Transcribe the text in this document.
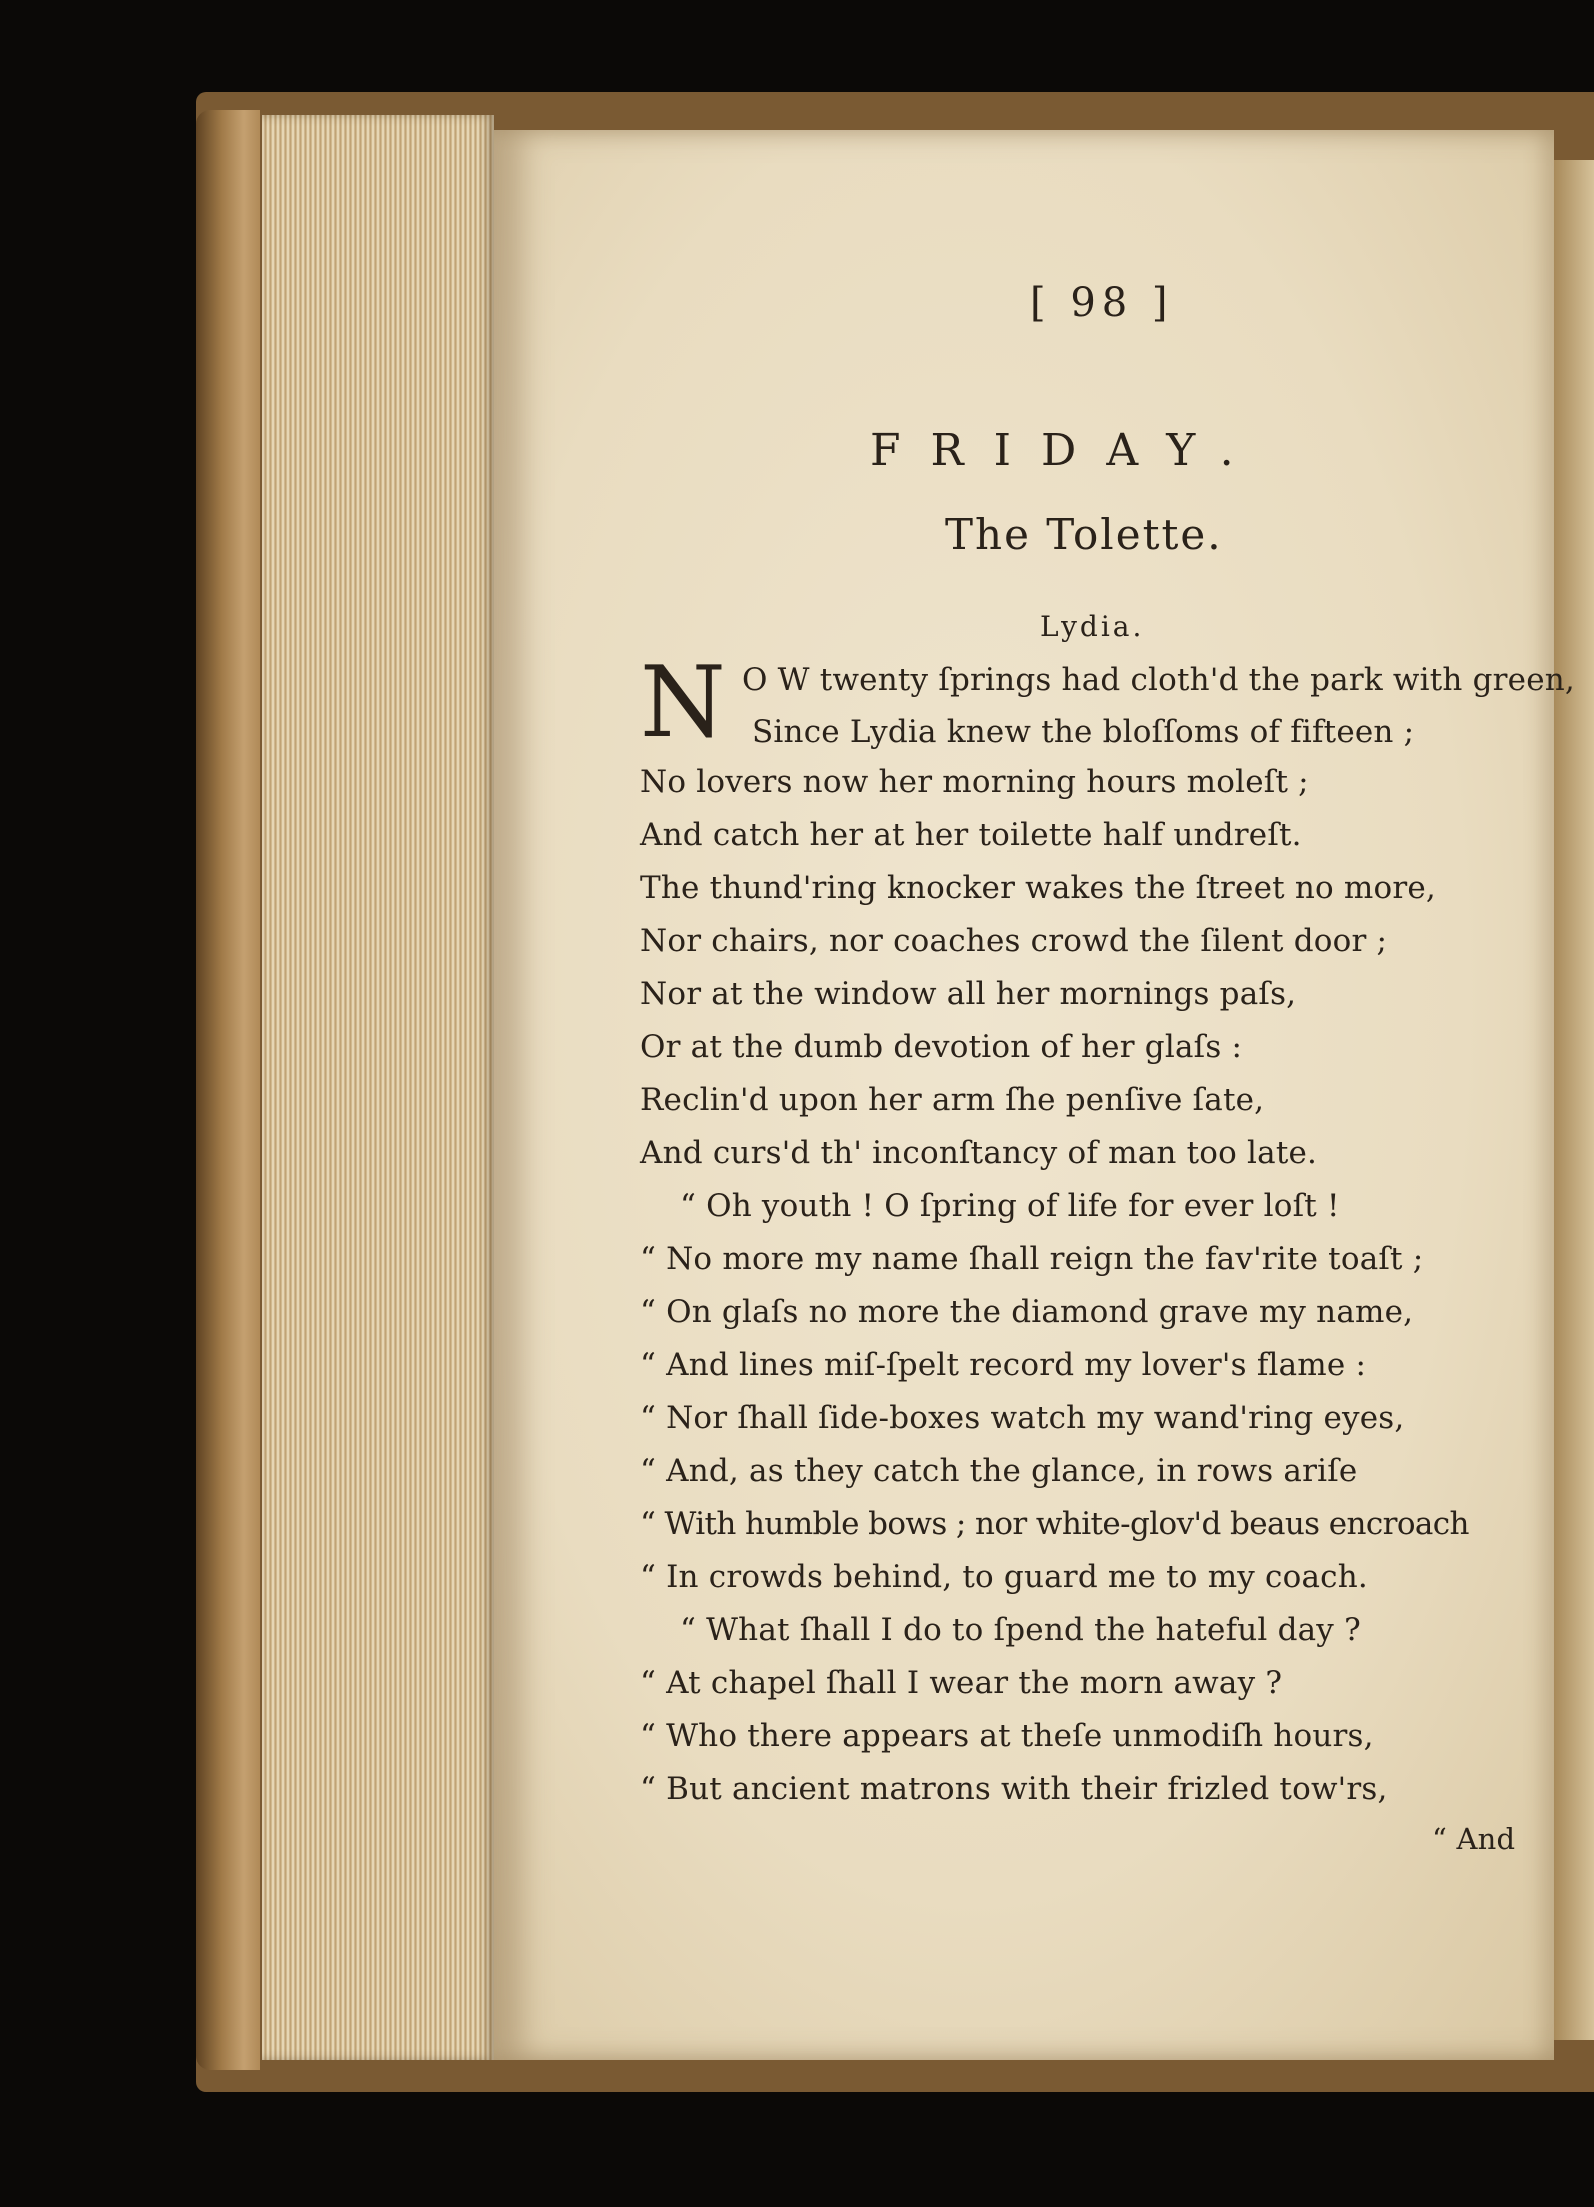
[ 98 ]
FRIDAY.
The Tolette.
Lydia.
N O W twenty ſprings had cloth'd the park with green,
Since Lydia knew the bloſſoms of fifteen ;
No lovers now her morning hours moleſt ;
And catch her at her toilette half undreſt.
The thund'ring knocker wakes the ſtreet no more,
Nor chairs, nor coaches crowd the ſilent door ;
Nor at the window all her mornings paſs,
Or at the dumb devotion of her glaſs :
Reclin'd upon her arm ſhe penſive ſate,
And curs'd th' inconſtancy of man too late.
“ Oh youth ! O ſpring of life for ever loſt !
“ No more my name ſhall reign the fav'rite toaſt ;
“ On glaſs no more the diamond grave my name,
“ And lines miſ-ſpelt record my lover's flame :
“ Nor ſhall ſide-boxes watch my wand'ring eyes,
“ And, as they catch the glance, in rows ariſe
“ With humble bows ; nor white-glov'd beaus encroach
“ In crowds behind, to guard me to my coach.
“ What ſhall I do to ſpend the hateful day ?
“ At chapel ſhall I wear the morn away ?
“ Who there appears at theſe unmodiſh hours,
“ But ancient matrons with their frizled tow'rs,
“ And
